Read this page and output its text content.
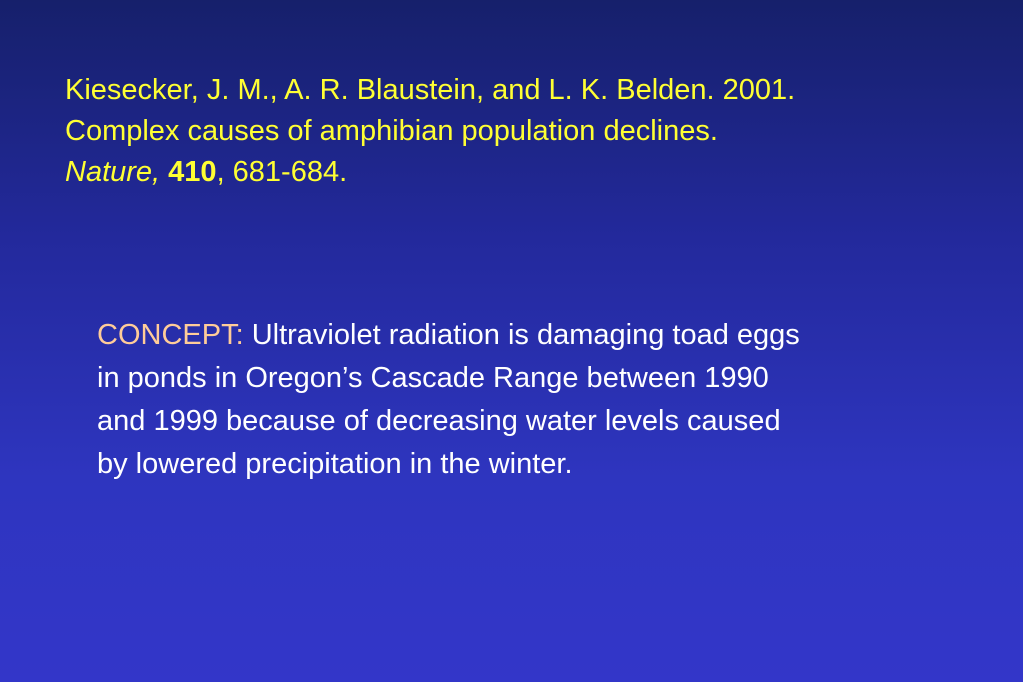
Kiesecker, J. M., A. R. Blaustein, and L. K. Belden. 2001.
Complex causes of amphibian population declines.
Nature, 410, 681-684.
CONCEPT: Ultraviolet radiation is damaging toad eggs
in ponds in Oregon’s Cascade Range between 1990
and 1999 because of decreasing water levels caused
by lowered precipitation in the winter.
